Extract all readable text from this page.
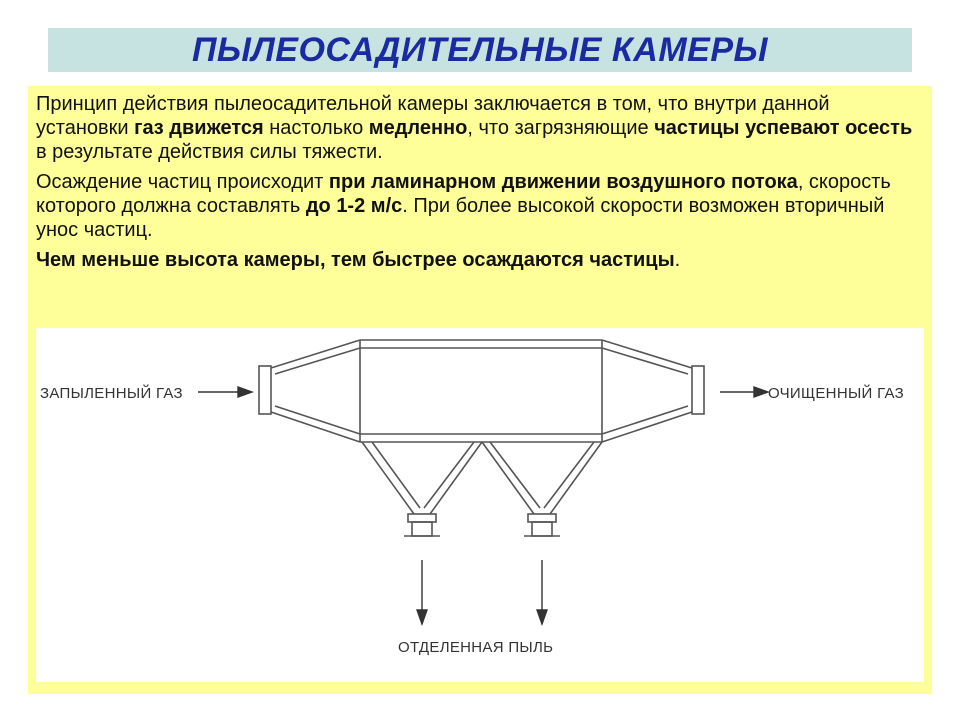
ПЫЛЕОСАДИТЕЛЬНЫЕ КАМЕРЫ

Принцип действия пылеосадительной камеры заключается в том, что внутри данной установки газ движется настолько медленно, что загрязняющие частицы успевают осесть в результате действия силы тяжести.

Осаждение частиц происходит при ламинарном движении воздушного потока, скорость которого должна составлять до 1-2 м/с. При более высокой скорости возможен вторичный унос частиц.

Чем меньше высота камеры, тем быстрее осаждаются частицы.

ЗАПЫЛЕННЫЙ ГАЗ	ОЧИЩЕННЫЙ ГАЗ
ОТДЕЛЕННАЯ ПЫЛЬ
